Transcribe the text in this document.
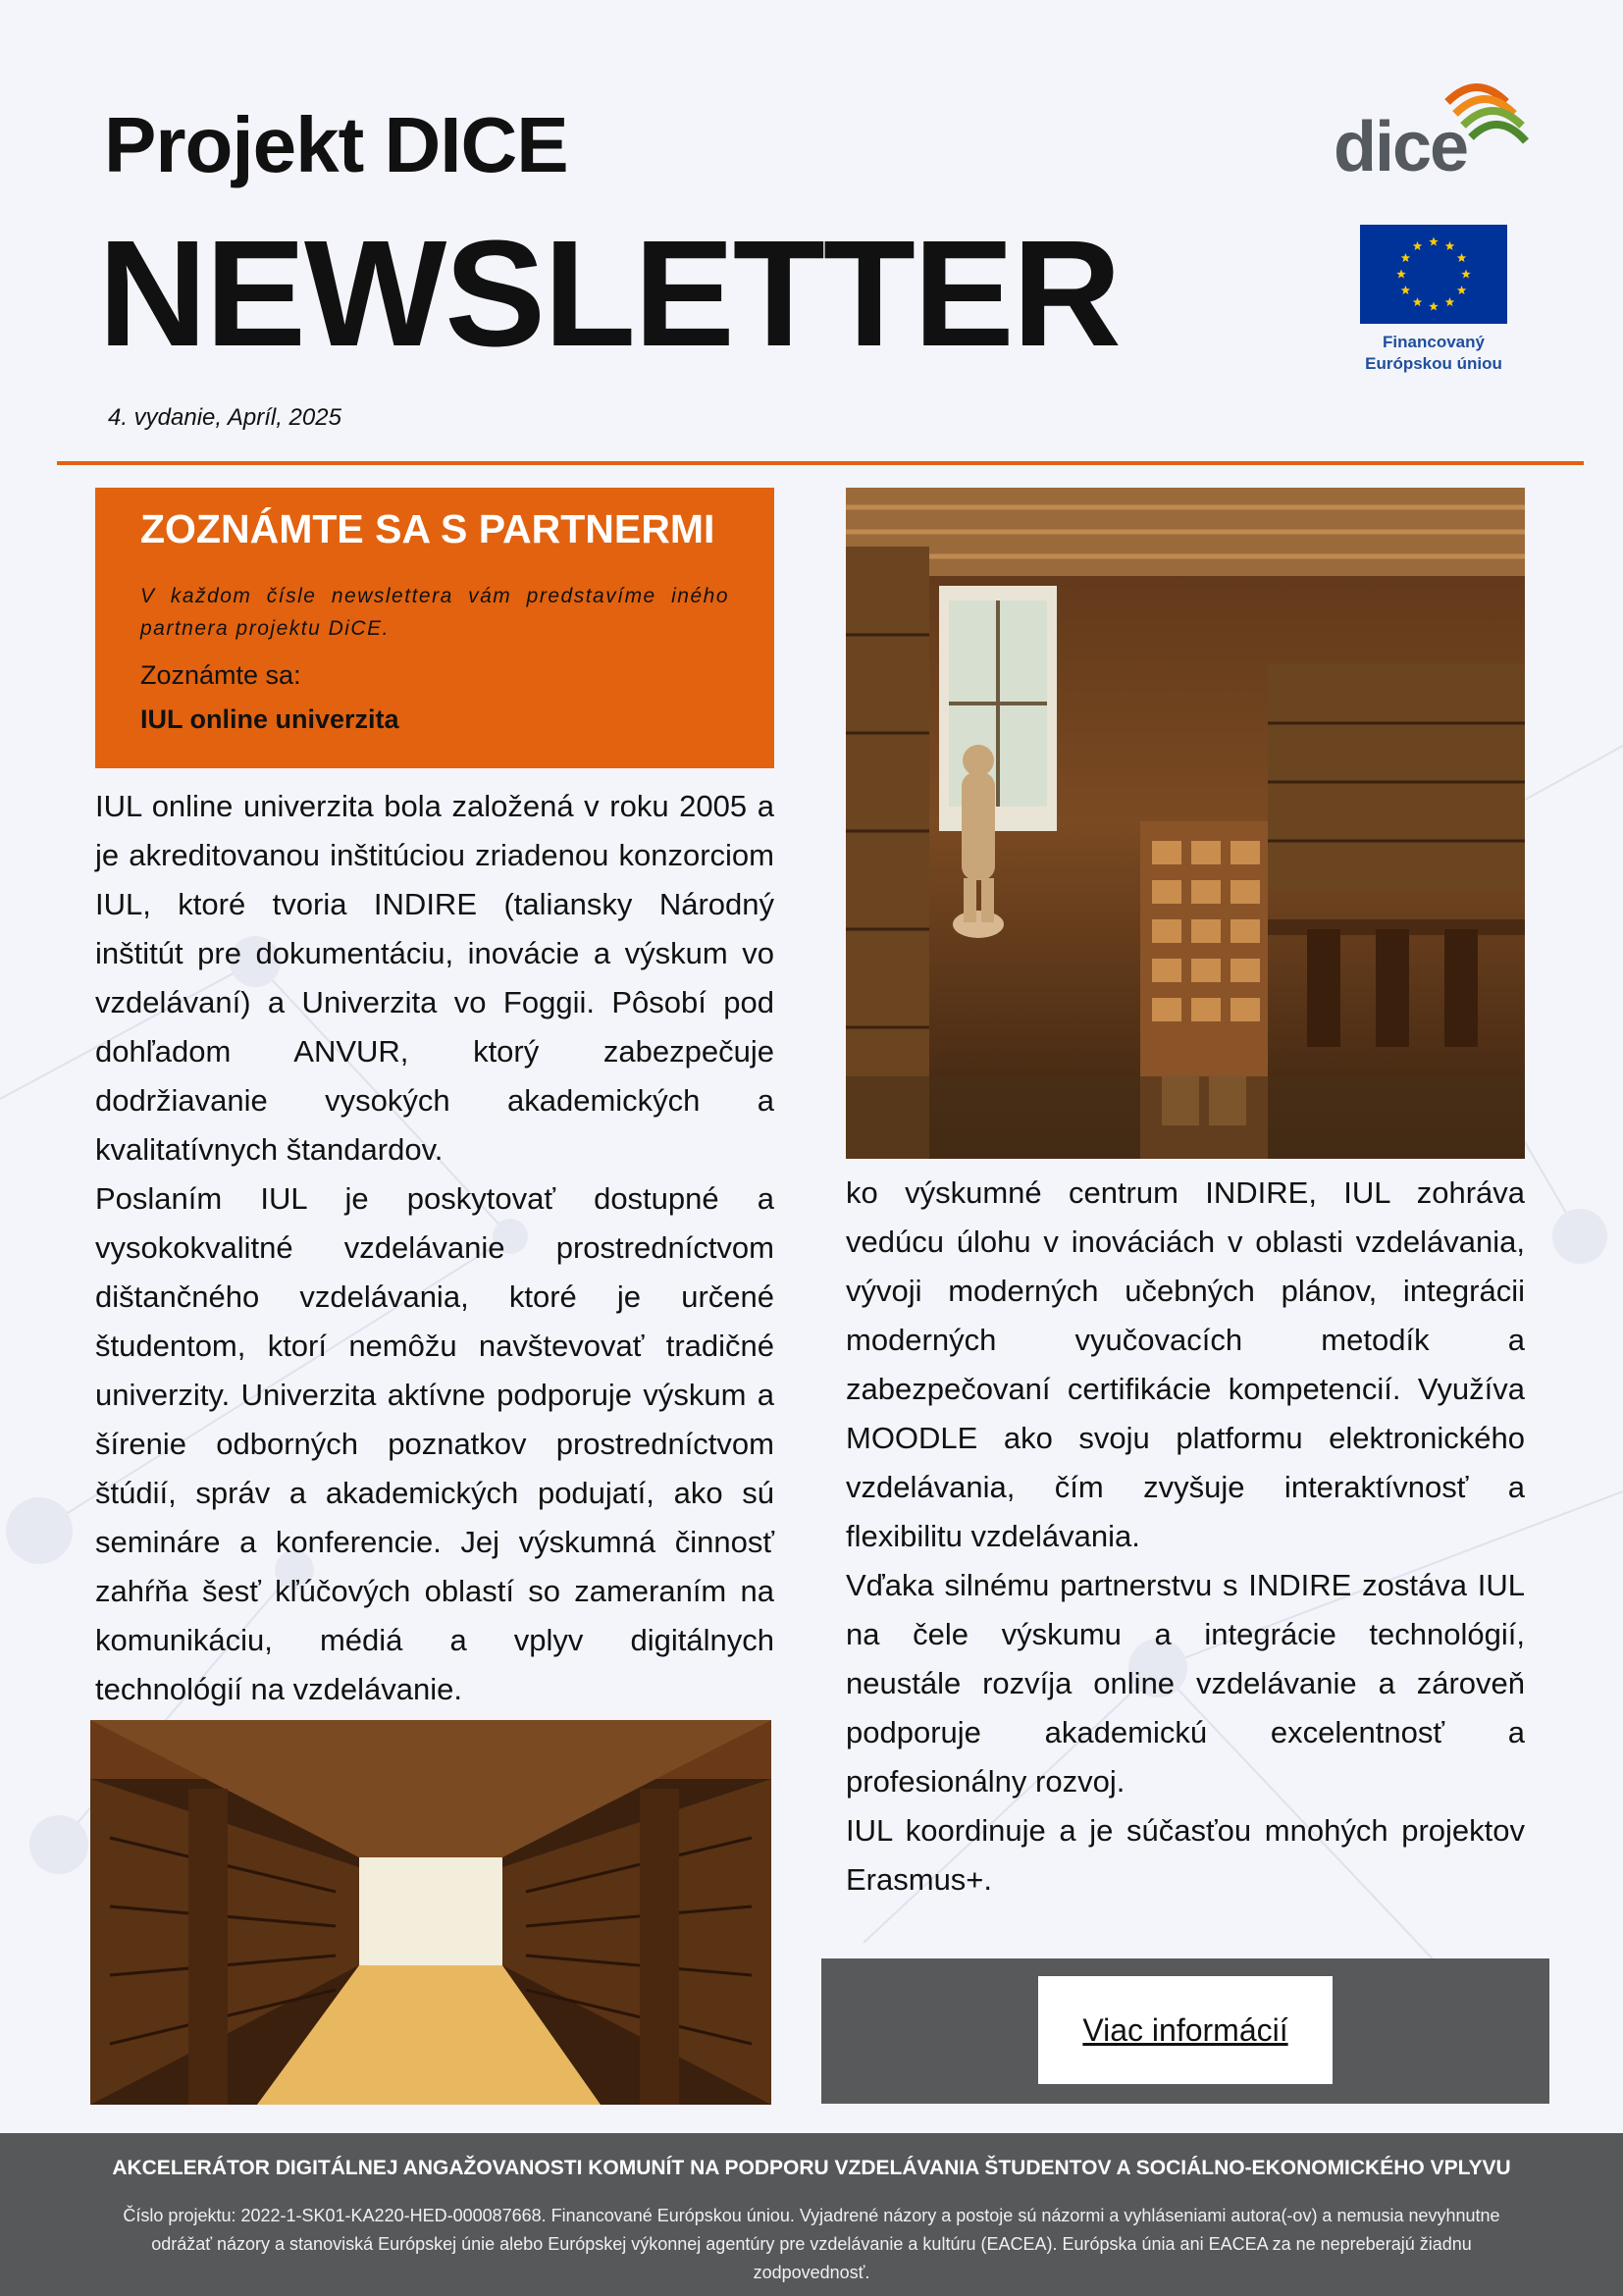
Projekt DICE
NEWSLETTER
4. vydanie, Apríl, 2025
dice
Financovaný
Európskou úniou
ZOZNÁMTE SA S PARTNERMI

V každom čísle newslettera vám predstavíme iného partnera projektu DiCE.

Zoznámte sa:
IUL online univerzita

IUL online univerzita bola založená v roku 2005 a je akreditovanou inštitúciou zriadenou konzorciom IUL, ktoré tvoria INDIRE (taliansky Národný inštitút pre dokumentáciu, inovácie a výskum vo vzdelávaní) a Univerzita vo Foggii. Pôsobí pod dohľadom ANVUR, ktorý zabezpečuje dodržiavanie vysokých akademických a kvalitatívnych štandardov.

Poslaním IUL je poskytovať dostupné a vysokokvalitné vzdelávanie prostredníctvom dištančného vzdelávania, ktoré je určené študentom, ktorí nemôžu navštevovať tradičné univerzity. Univerzita aktívne podporuje výskum a šírenie odborných poznatkov prostredníctvom štúdií, správ a akademických podujatí, ako sú semináre a konferencie. Jej výskumná činnosť zahŕňa šesť kľúčových oblastí so zameraním na komunikáciu, médiá a vplyv digitálnych technológií na vzdelávanie.

ko výskumné centrum INDIRE, IUL zohráva vedúcu úlohu v inováciách v oblasti vzdelávania, vývoji moderných učebných plánov, integrácii moderných vyučovacích metodík a zabezpečovaní certifikácie kompetencií. Využíva MOODLE ako svoju platformu elektronického vzdelávania, čím zvyšuje interaktívnosť a flexibilitu vzdelávania.

Vďaka silnému partnerstvu s INDIRE zostáva IUL na čele výskumu a integrácie technológií, neustále rozvíja online vzdelávanie a zároveň podporuje akademickú excelentnosť a profesionálny rozvoj.

IUL koordinuje a je súčasťou mnohých projektov Erasmus+.

Viac informácií
AKCELERÁTOR DIGITÁLNEJ ANGAŽOVANOSTI KOMUNÍT NA PODPORU VZDELÁVANIA ŠTUDENTOV A SOCIÁLNO-EKONOMICKÉHO VPLYVU
Číslo projektu: 2022-1-SK01-KA220-HED-000087668. Financované Európskou úniou. Vyjadrené názory a postoje sú názormi a vyhláseniami autora(-ov) a nemusia nevyhnutne odrážať názory a stanoviská Európskej únie alebo Európskej výkonnej agentúry pre vzdelávanie a kultúru (EACEA). Európska únia ani EACEA za ne nepreberajú žiadnu zodpovednosť.
